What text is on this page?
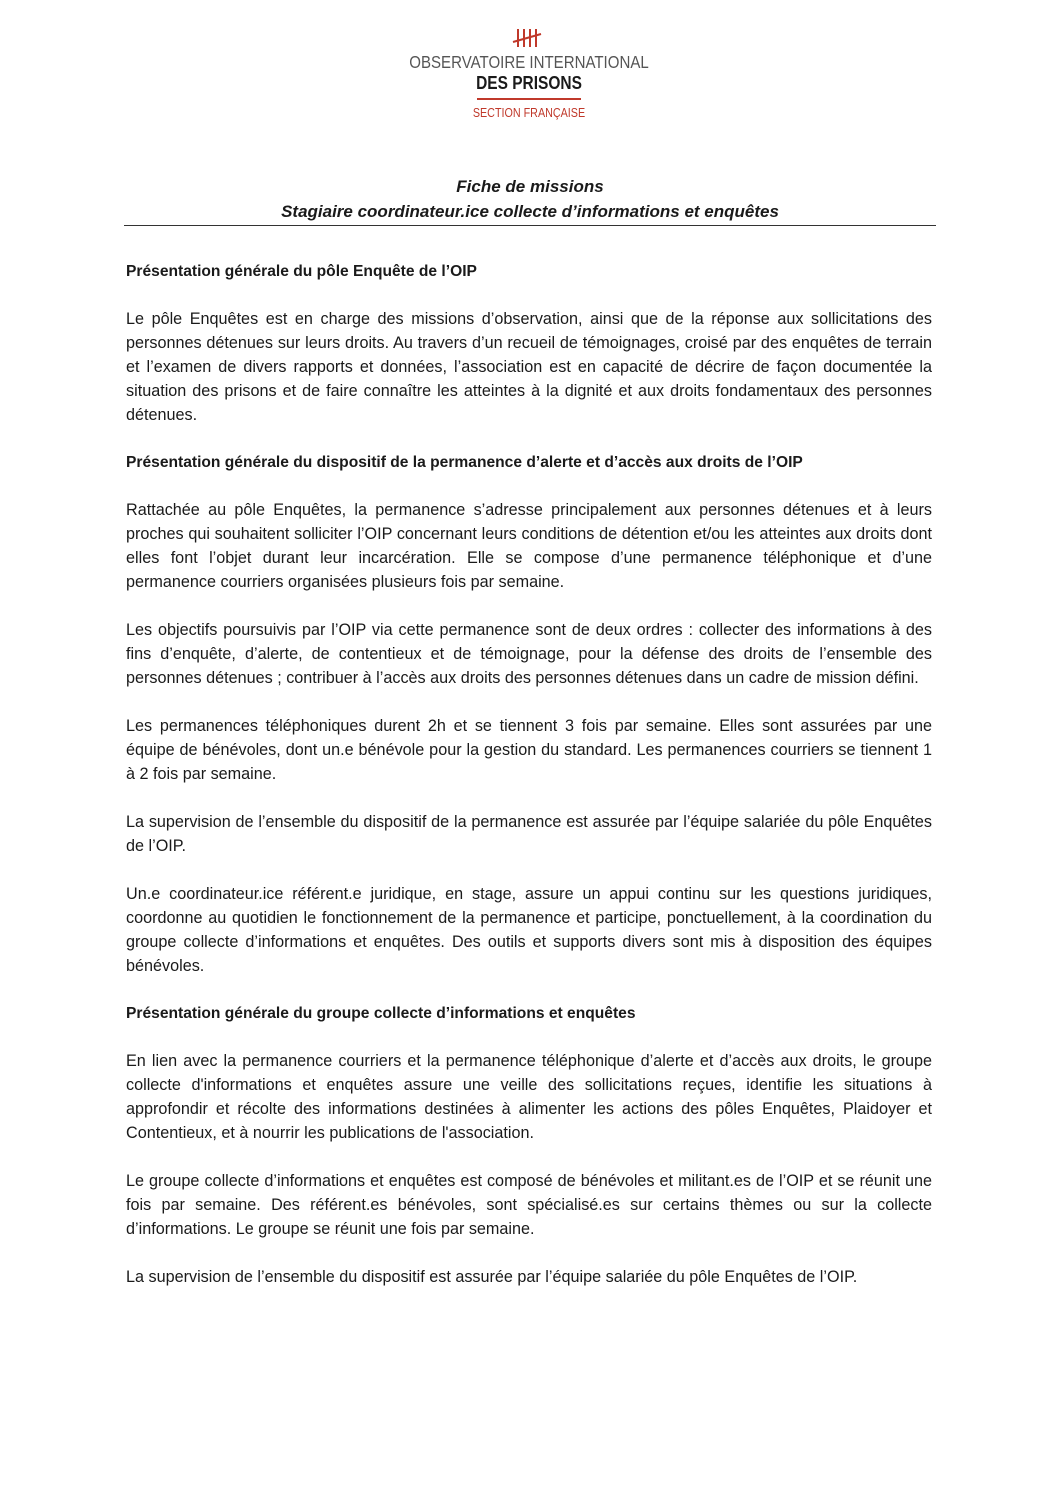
OBSERVATOIRE INTERNATIONAL
DES PRISONS
SECTION FRANÇAISE
Fiche de missions
Stagiaire coordinateur.ice collecte d’informations et enquêtes
Présentation générale du pôle Enquête de l’OIP

Le pôle Enquêtes est en charge des missions d’observation, ainsi que de la réponse aux sollicitations des personnes détenues sur leurs droits. Au travers d’un recueil de témoignages, croisé par des enquêtes de terrain et l’examen de divers rapports et données, l’association est en capacité de décrire de façon documentée la situation des prisons et de faire connaître les atteintes à la dignité et aux droits fondamentaux des personnes détenues.

Présentation générale du dispositif de la permanence d’alerte et d’accès aux droits de l’OIP

Rattachée au pôle Enquêtes, la permanence s’adresse principalement aux personnes détenues et à leurs proches qui souhaitent solliciter l’OIP concernant leurs conditions de détention et/ou les atteintes aux droits dont elles font l’objet durant leur incarcération. Elle se compose d’une permanence téléphonique et d’une permanence courriers organisées plusieurs fois par semaine.

Les objectifs poursuivis par l’OIP via cette permanence sont de deux ordres : collecter des informations à des fins d’enquête, d’alerte, de contentieux et de témoignage, pour la défense des droits de l’ensemble des personnes détenues ; contribuer à l’accès aux droits des personnes détenues dans un cadre de mission défini.

Les permanences téléphoniques durent 2h et se tiennent 3 fois par semaine. Elles sont assurées par une équipe de bénévoles, dont un.e bénévole pour la gestion du standard. Les permanences courriers se tiennent 1 à 2 fois par semaine.

La supervision de l’ensemble du dispositif de la permanence est assurée par l’équipe salariée du pôle Enquêtes de l’OIP.

Un.e coordinateur.ice référent.e juridique, en stage, assure un appui continu sur les questions juridiques, coordonne au quotidien le fonctionnement de la permanence et participe, ponctuellement, à la coordination du groupe collecte d’informations et enquêtes. Des outils et supports divers sont mis à disposition des équipes bénévoles.

Présentation générale du groupe collecte d’informations et enquêtes

En lien avec la permanence courriers et la permanence téléphonique d’alerte et d’accès aux droits, le groupe collecte d'informations et enquêtes assure une veille des sollicitations reçues, identifie les situations à approfondir et récolte des informations destinées à alimenter les actions des pôles Enquêtes, Plaidoyer et Contentieux, et à nourrir les publications de l'association.

Le groupe collecte d’informations et enquêtes est composé de bénévoles et militant.es de l’OIP et se réunit une fois par semaine. Des référent.es bénévoles, sont spécialisé.es sur certains thèmes ou sur la collecte d’informations. Le groupe se réunit une fois par semaine.

La supervision de l’ensemble du dispositif est assurée par l’équipe salariée du pôle Enquêtes de l’OIP.
